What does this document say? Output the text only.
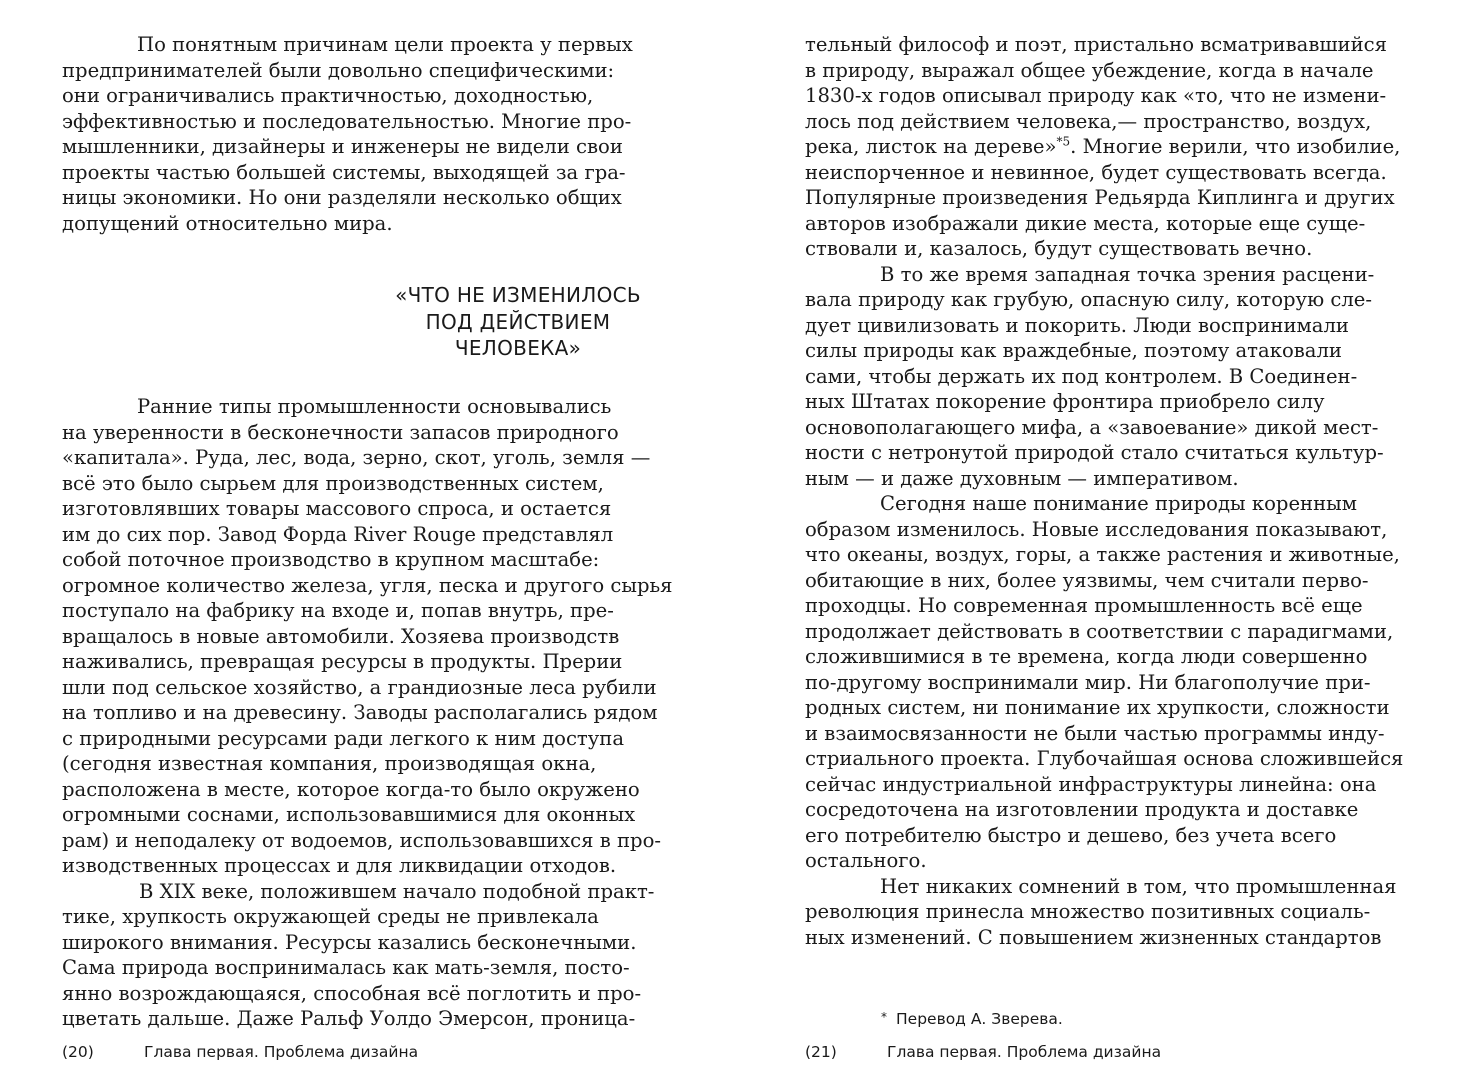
По понятным причинам цели проекта у первых
предпринимателей были довольно специфическими:
они ограничивались практичностью, доходностью,
эффективностью и последовательностью. Многие про-
мышленники, дизайнеры и инженеры не видели свои
проекты частью большей системы, выходящей за гра-
ницы экономики. Но они разделяли несколько общих
допущений относительно мира.
Ранние типы промышленности основывались
на уверенности в бесконечности запасов природного
«капитала». Руда, лес, вода, зерно, скот, уголь, земля —
всё это было сырьем для производственных систем,
изготовлявших товары массового спроса, и остается
им до сих пор. Завод Форда River Rouge представлял
собой поточное производство в крупном масштабе:
огромное количество железа, угля, песка и другого сырья
поступало на фабрику на входе и, попав внутрь, пре-
вращалось в новые автомобили. Хозяева производств
наживались, превращая ресурсы в продукты. Прерии
шли под сельское хозяйство, а грандиозные леса рубили
на топливо и на древесину. Заводы располагались рядом
с природными ресурсами ради легкого к ним доступа
(сегодня известная компания, производящая окна,
расположена в месте, которое когда-то было окружено
огромными соснами, использовавшимися для оконных
рам) и неподалеку от водоемов, использовавшихся в про-
изводственных процессах и для ликвидации отходов.
В XIX веке, положившем начало подобной практ-
тике, хрупкость окружающей среды не привлекала
широкого внимания. Ресурсы казались бесконечными.
Сама природа воспринималась как мать-земля, посто-
янно возрождающаяся, способная всё поглотить и про-
цветать дальше. Даже Ральф Уолдо Эмерсон, проница-
«ЧТО НЕ ИЗМЕНИЛОСЬ
ПОД ДЕЙСТВИЕМ
ЧЕЛОВЕКА»
(20)	Глава первая. Проблема дизайна
тельный философ и поэт, пристально всматривавшийся
в природу, выражал общее убеждение, когда в начале
1830-х годов описывал природу как «то, что не измени-
лось под действием человека,— пространство, воздух,
река, листок на дереве»$^{*5}$. Многие верили, что изобилие,
неиспорченное и невинное, будет существовать всегда.
Популярные произведения Редьярда Киплинга и других
авторов изображали дикие места, которые еще суще-
ствовали и, казалось, будут существовать вечно.
В то же время западная точка зрения расцени-
вала природу как грубую, опасную силу, которую сле-
дует цивилизовать и покорить. Люди воспринимали
силы природы как враждебные, поэтому атаковали
сами, чтобы держать их под контролем. В Соединен-
ных Штатах покорение фронтира приобрело силу
основополагающего мифа, а «завоевание» дикой мест-
ности с нетронутой природой стало считаться культур-
ным — и даже духовным — императивом.
Сегодня наше понимание природы коренным
образом изменилось. Новые исследования показывают,
что океаны, воздух, горы, а также растения и животные,
обитающие в них, более уязвимы, чем считали перво-
проходцы. Но современная промышленность всё еще
продолжает действовать в соответствии с парадигмами,
сложившимися в те времена, когда люди совершенно
по-другому воспринимали мир. Ни благополучие при-
родных систем, ни понимание их хрупкости, сложности
и взаимосвязанности не были частью программы инду-
стриального проекта. Глубочайшая основа сложившейся
сейчас индустриальной инфраструктуры линейна: она
сосредоточена на изготовлении продукта и доставке
его потребителю быстро и дешево, без учета всего
остального.
Нет никаких сомнений в том, что промышленная
революция принесла множество позитивных социаль-
ных изменений. С повышением жизненных стандартов
* Перевод А. Зверева.
(21)	Глава первая. Проблема дизайна
